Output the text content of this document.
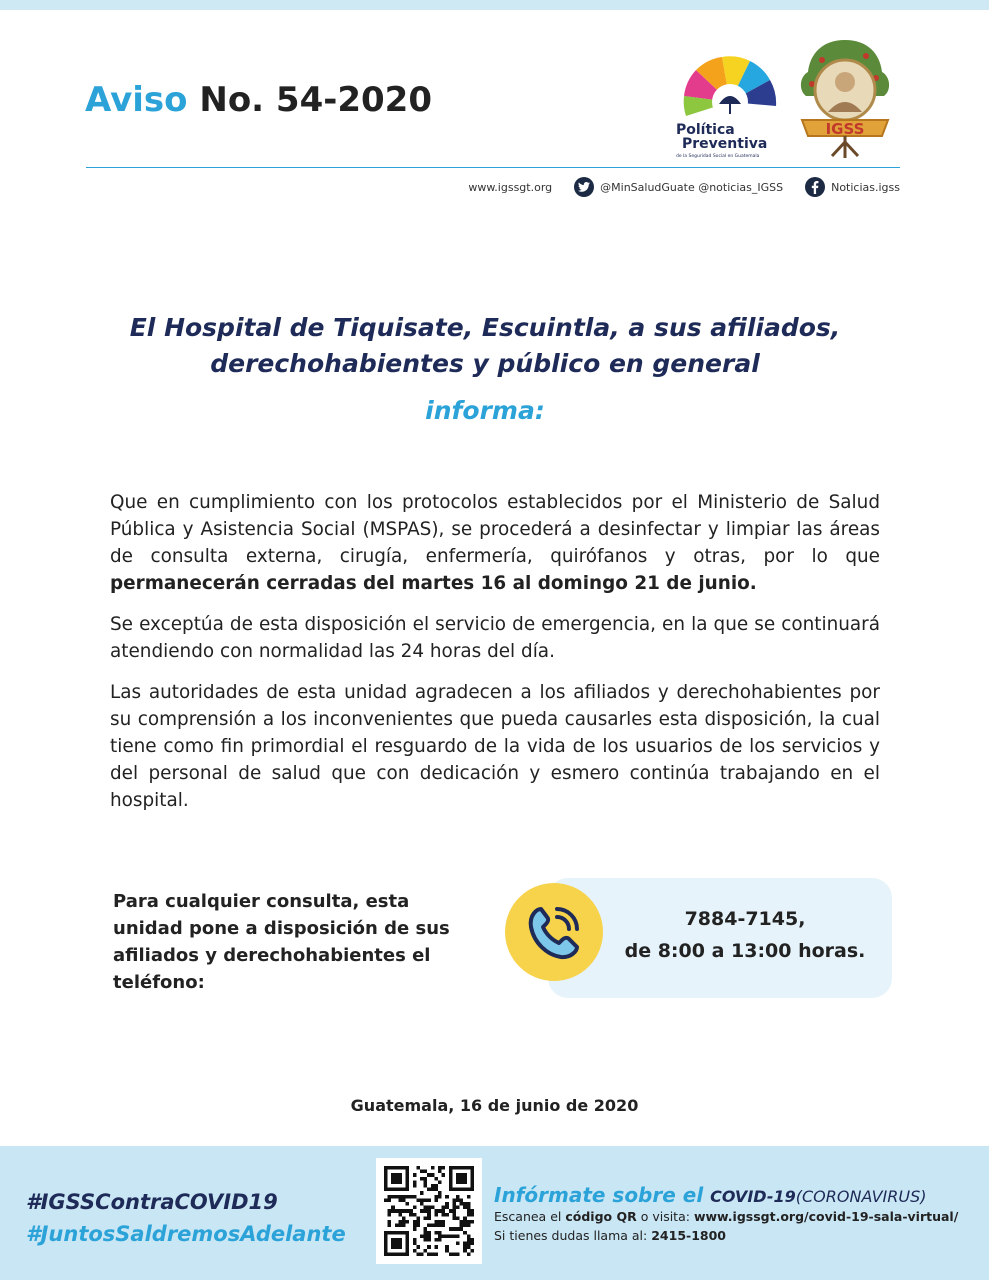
Aviso No. 54-2020
Política
Preventiva
de la Seguridad Social en Guatemala
IGSS
www.igssgt.org	@MinSaludGuate @noticias_IGSS	Noticias.igss
El Hospital de Tiquisate, Escuintla, a sus afiliados,
derechohabientes y público en general
informa:

Que en cumplimiento con los protocolos establecidos por el Ministerio de Salud Pública y Asistencia Social (MSPAS), se procederá a desinfectar y limpiar las áreas de consulta externa, cirugía, enfermería, quirófanos y otras, por lo que permanecerán cerradas del martes 16 al domingo 21 de junio.

Se exceptúa de esta disposición el servicio de emergencia, en la que se continuará atendiendo con normalidad las 24 horas del día.

Las autoridades de esta unidad agradecen a los afiliados y derechohabientes por su comprensión a los inconvenientes que pueda causarles esta disposición, la cual tiene como fin primordial el resguardo de la vida de los usuarios de los servicios y del personal de salud que con dedicación y esmero continúa trabajando en el hospital.

Para cualquier consulta, esta unidad pone a disposición de sus afiliados y derechohabientes el teléfono:
7884-7145,
de 8:00 a 13:00 horas.
Guatemala, 16 de junio de 2020
#IGSSContraCOVID19
#JuntosSaldremosAdelante
Infórmate sobre el COVID-19(CORONAVIRUS)
Escanea el código QR o visita: www.igssgt.org/covid-19-sala-virtual/
Si tienes dudas llama al: 2415-1800
